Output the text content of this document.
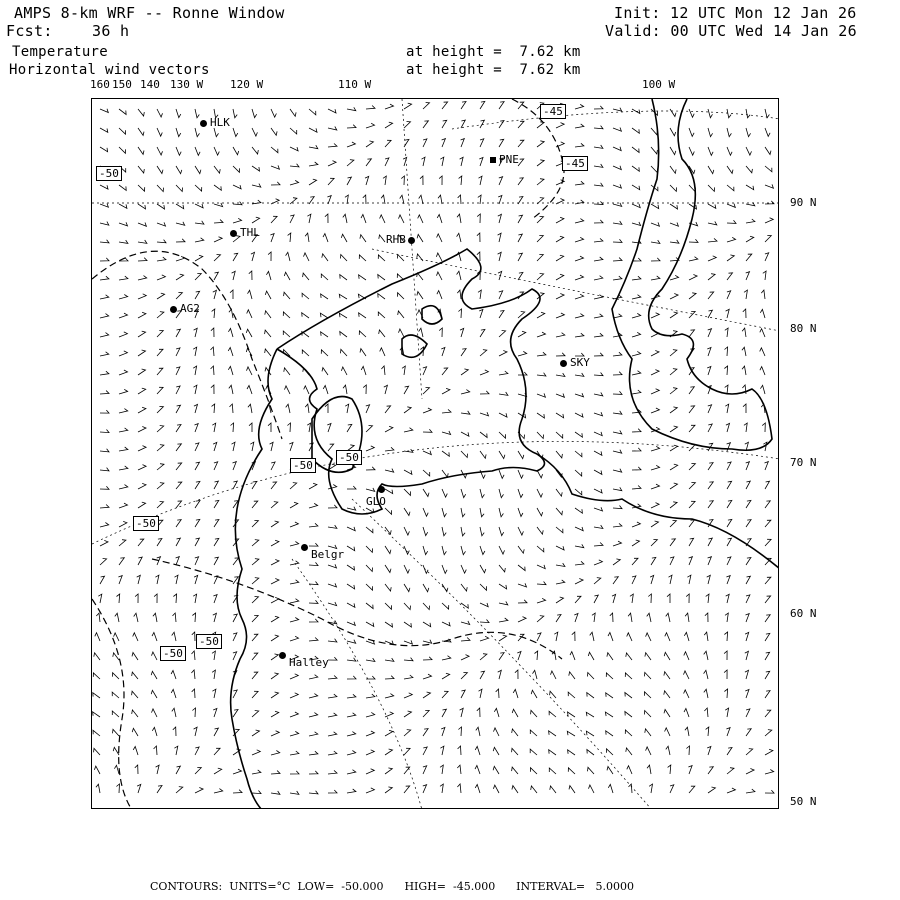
AMPS 8-km WRF -- Ronne Window	Init: 12 UTC Mon 12 Jan 26
Fcst:	36 h	Valid: 00 UTC Wed 14 Jan 26
Temperature	at height =  7.62 km
Horizontal wind vectors	at height =  7.62 km
160 150 140 130 W 120 W	110 W	100 W
90 N
80 N
70 N
60 N
50 N
HLK
PNE
THL
RHB
AG2
SKY

GLO
Belgr
Halley
-45
-45
-50
-50
-50
-50
-50
-50
CONTOURS:  UNITS=°C  LOW=  -50.000      HIGH=  -45.000      INTERVAL=   5.0000
